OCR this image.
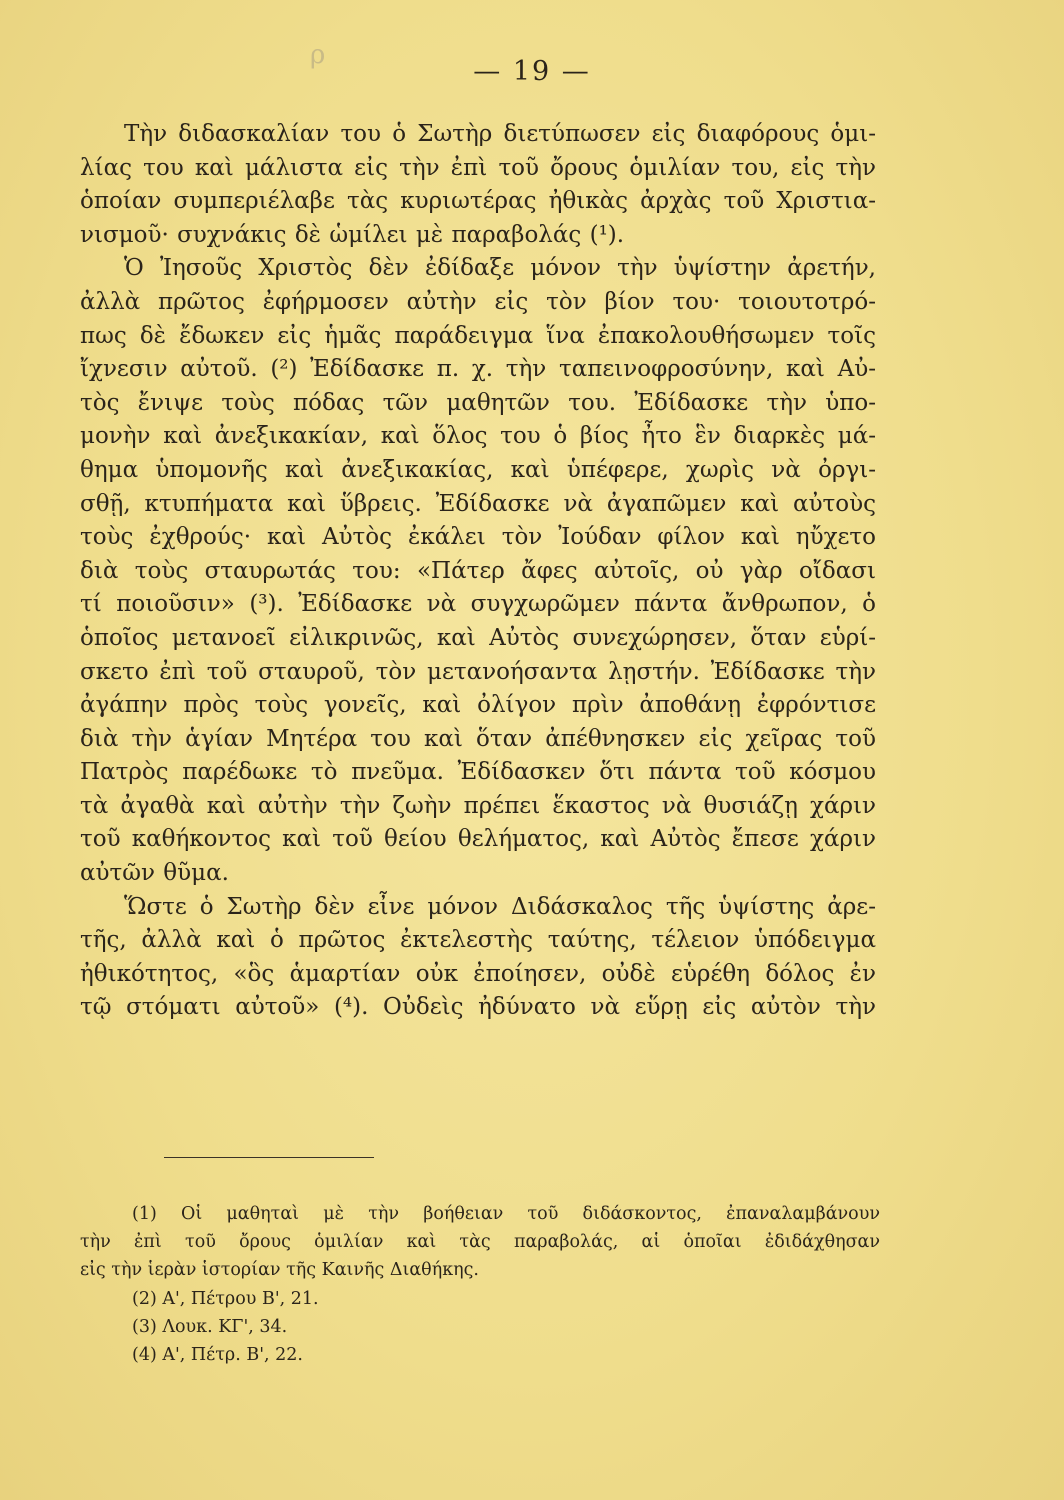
ρ
— 19 —
Τὴν διδασκαλίαν του ὁ Σωτὴρ διετύπωσεν εἰς διαφόρους ὁμι-
λίας του καὶ μάλιστα εἰς τὴν ἐπὶ τοῦ ὄρους ὁμιλίαν του, εἰς τὴν
ὁποίαν συμπεριέλαβε τὰς κυριωτέρας ἠθικὰς ἀρχὰς τοῦ Χριστια-
νισμοῦ· συχνάκις δὲ ὡμίλει μὲ παραβολάς (¹).
Ὁ Ἰησοῦς Χριστὸς δὲν ἐδίδαξε μόνον τὴν ὑψίστην ἀρετήν,
ἀλλὰ πρῶτος ἐφήρμοσεν αὐτὴν εἰς τὸν βίον του· τοιουτοτρό-
πως δὲ ἔδωκεν εἰς ἡμᾶς παράδειγμα ἵνα ἐπακολουθήσωμεν τοῖς
ἴχνεσιν αὐτοῦ. (²) Ἐδίδασκε π. χ. τὴν ταπεινοφροσύνην, καὶ Αὐ-
τὸς ἔνιψε τοὺς πόδας τῶν μαθητῶν του. Ἐδίδασκε τὴν ὑπο-
μονὴν καὶ ἀνεξικακίαν, καὶ ὅλος του ὁ βίος ἦτο ἓν διαρκὲς μά-
θημα ὑπομονῆς καὶ ἀνεξικακίας, καὶ ὑπέφερε, χωρὶς νὰ ὀργι-
σθῇ, κτυπήματα καὶ ὕβρεις. Ἐδίδασκε νὰ ἀγαπῶμεν καὶ αὐτοὺς
τοὺς ἐχθρούς· καὶ Αὐτὸς ἐκάλει τὸν Ἰούδαν φίλον καὶ ηὔχετο
διὰ τοὺς σταυρωτάς του: «Πάτερ ἄφες αὐτοῖς, οὐ γὰρ οἴδασι
τί ποιοῦσιν» (³). Ἐδίδασκε νὰ συγχωρῶμεν πάντα ἄνθρωπον, ὁ
ὁποῖος μετανοεῖ εἰλικρινῶς, καὶ Αὐτὸς συνεχώρησεν, ὅταν εὑρί-
σκετο ἐπὶ τοῦ σταυροῦ, τὸν μετανοήσαντα λῃστήν. Ἐδίδασκε τὴν
ἀγάπην πρὸς τοὺς γονεῖς, καὶ ὀλίγον πρὶν ἀποθάνῃ ἐφρόντισε
διὰ τὴν ἁγίαν Μητέρα του καὶ ὅταν ἀπέθνησκεν εἰς χεῖρας τοῦ
Πατρὸς παρέδωκε τὸ πνεῦμα. Ἐδίδασκεν ὅτι πάντα τοῦ κόσμου
τὰ ἀγαθὰ καὶ αὐτὴν τὴν ζωὴν πρέπει ἕκαστος νὰ θυσιάζῃ χάριν
τοῦ καθήκοντος καὶ τοῦ θείου θελήματος, καὶ Αὐτὸς ἔπεσε χάριν
αὐτῶν θῦμα.
Ὥστε ὁ Σωτὴρ δὲν εἶνε μόνον Διδάσκαλος τῆς ὑψίστης ἀρε-
τῆς, ἀλλὰ καὶ ὁ πρῶτος ἐκτελεστὴς ταύτης, τέλειον ὑπόδειγμα
ἠθικότητος, «ὃς ἁμαρτίαν οὐκ ἐποίησεν, οὐδὲ εὑρέθη δόλος ἐν
τῷ στόματι αὐτοῦ» (⁴). Οὐδεὶς ἠδύνατο νὰ εὕρῃ εἰς αὐτὸν τὴν
(1) Οἱ μαθηταὶ μὲ τὴν βοήθειαν τοῦ διδάσκοντος, ἐπαναλαμβάνουν
τὴν ἐπὶ τοῦ ὄρους ὁμιλίαν καὶ τὰς παραβολάς, αἱ ὁποῖαι ἐδιδάχθησαν
εἰς τὴν ἱερὰν ἱστορίαν τῆς Καινῆς Διαθήκης.
(2) Α', Πέτρου Β', 21.
(3) Λουκ. ΚΓ', 34.
(4) Α', Πέτρ. Β', 22.
